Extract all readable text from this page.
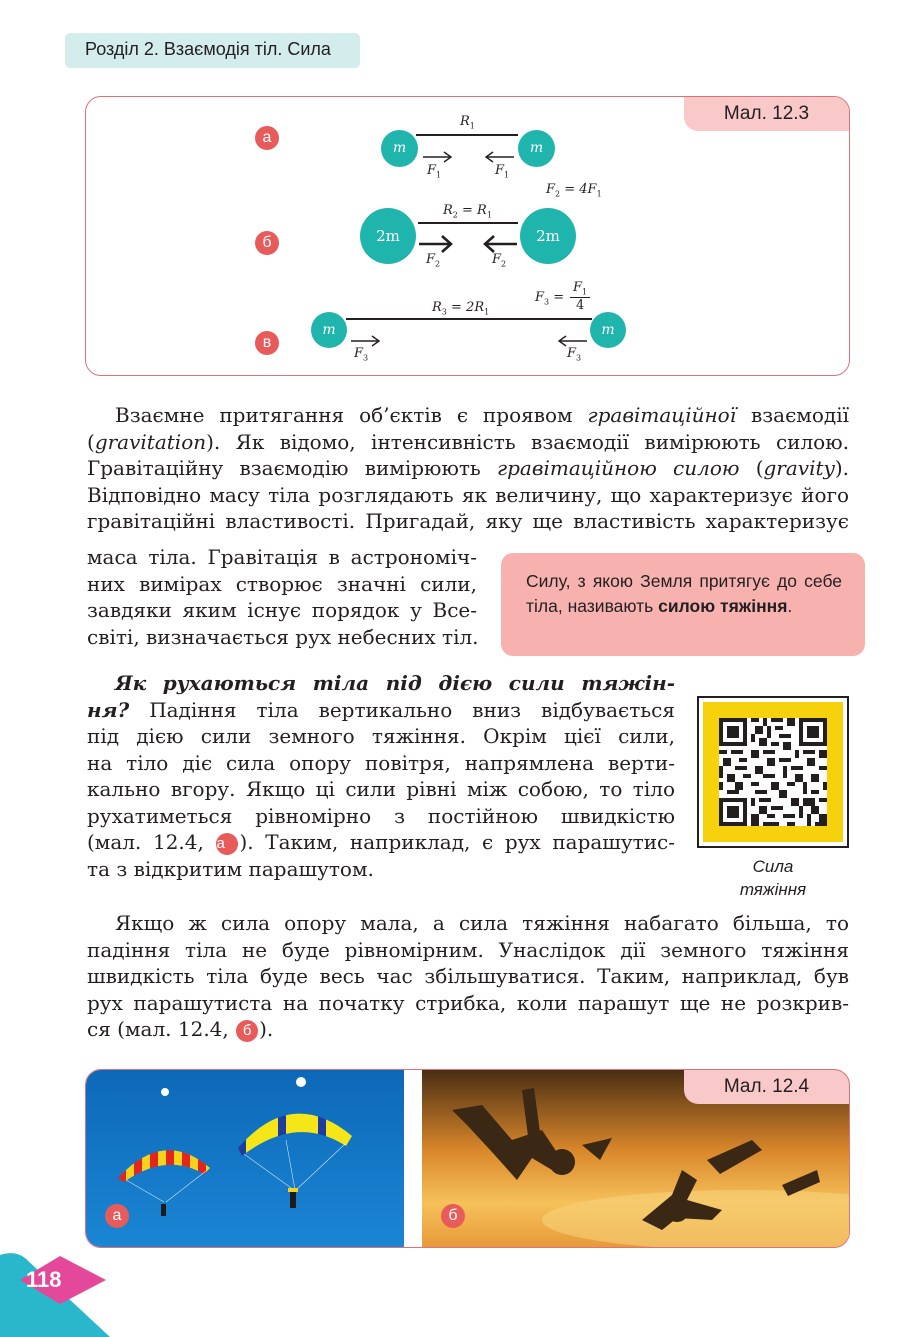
Розділ 2. Взаємодія тіл. Сила
Мал. 12.3
а
б
в
$R_1$
m	m
$F_1$	$F_1$
$F_2 = 4F_1$
$R_2 = R_1$
2m	2m
$F_2$	$F_2$
$F_3$ =
$F_1$
4
$R_3 = 2R_1$
m	m
$F_3$	$F_3$
Взаємне притягання об’єктів є проявом гравітаційної взаємодії
(gravitation). Як відомо, інтенсивність взаємодії вимірюють силою.
Гравітаційну взаємодію вимірюють гравітаційною силою (gravity).
Відповідно масу тіла розглядають як величину, що характеризує його
гравітаційні властивості. Пригадай, яку ще властивість характеризує
маса тіла. Гравітація в астрономіч-
них вимірах створює значні сили,
завдяки яким існує порядок у Все-
світі, визначається рух небесних тіл.
Силу, з якою Земля притягує до себе тіла, називають силою тяжіння.
Як рухаються тіла під дією сили тяжін-
ня? Падіння тіла вертикально вниз відбувається
під дією сили земного тяжіння. Окрім цієї сили,
на тіло діє сила опору повітря, напрямлена верти-
кально вгору. Якщо ці сили рівні між собою, то тіло
рухатиметься рівномірно з постійною швидкістю
(мал. 12.4, а ). Таким, наприклад, є рух парашутис-
та з відкритим парашутом.	Сила
тяжіння
Якщо ж сила опору мала, а сила тяжіння набагато більша, то
падіння тіла не буде рівномірним. Унаслідок дії земного тяжіння
швидкість тіла буде весь час збільшуватися. Таким, наприклад, був
рух парашутиста на початку стрибка, коли парашут ще не розкрив-
ся (мал. 12.4, б ).
Мал. 12.4
а	б
118
